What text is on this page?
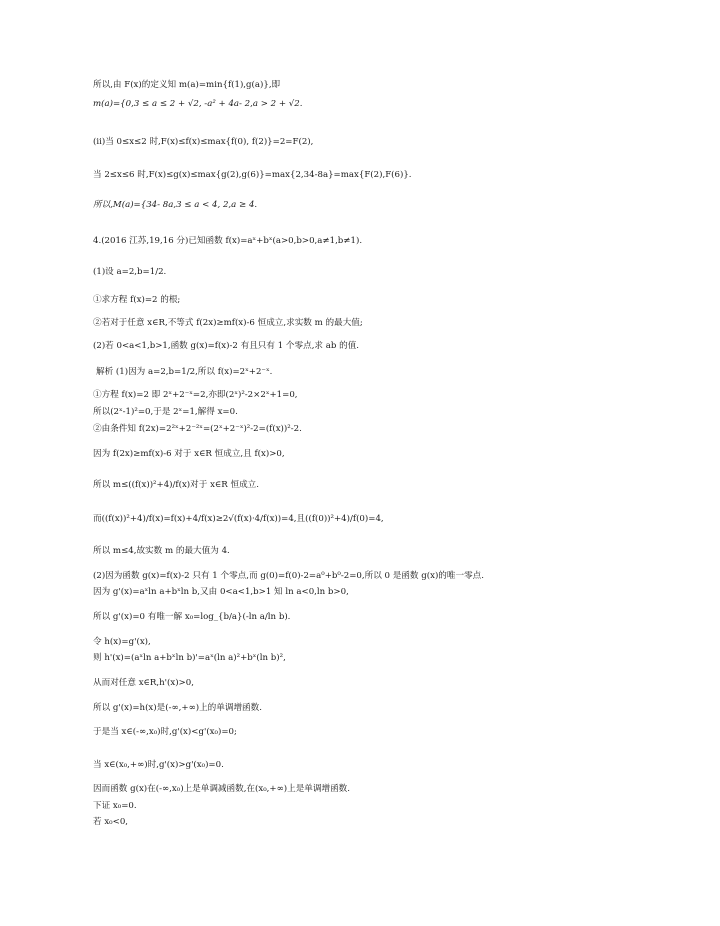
所以,由 F(x)的定义知 m(a)=min{f(1),g(a)},即
m(a)={0,3 ≤ a ≤ 2 + √2, -a² + 4a- 2,a > 2 + √2.
(ii)当 0≤x≤2 时,F(x)≤f(x)≤max{f(0), f(2)}=2=F(2),
当 2≤x≤6 时,F(x)≤g(x)≤max{g(2),g(6)}=max{2,34-8a}=max{F(2),F(6)}.
所以,M(a)={34- 8a,3 ≤ a < 4, 2,a ≥ 4.
4.(2016 江苏,19,16 分)已知函数 f(x)=aˣ+bˣ(a>0,b>0,a≠1,b≠1).
(1)设 a=2,b=1/2.
①求方程 f(x)=2 的根;
②若对于任意 x∈R,不等式 f(2x)≥mf(x)-6 恒成立,求实数 m 的最大值;
(2)若 0<a<1,b>1,函数 g(x)=f(x)-2 有且只有 1 个零点,求 ab 的值.
解析 (1)因为 a=2,b=1/2,所以 f(x)=2ˣ+2⁻ˣ.
①方程 f(x)=2 即 2ˣ+2⁻ˣ=2,亦即(2ˣ)²-2×2ˣ+1=0,
所以(2ˣ-1)²=0,于是 2ˣ=1,解得 x=0.
②由条件知 f(2x)=2²ˣ+2⁻²ˣ=(2ˣ+2⁻ˣ)²-2=(f(x))²-2.
因为 f(2x)≥mf(x)-6 对于 x∈R 恒成立,且 f(x)>0,
所以 m≤((f(x))²+4)/f(x)对于 x∈R 恒成立.
而((f(x))²+4)/f(x)=f(x)+4/f(x)≥2√(f(x)·4/f(x))=4,且((f(0))²+4)/f(0)=4,
所以 m≤4,故实数 m 的最大值为 4.
(2)因为函数 g(x)=f(x)-2 只有 1 个零点,而 g(0)=f(0)-2=a⁰+b⁰-2=0,所以 0 是函数 g(x)的唯一零点.
因为 g'(x)=aˣln a+bˣln b,又由 0<a<1,b>1 知 ln a<0,ln b>0,
所以 g'(x)=0 有唯一解 x₀=log_{b/a}(-ln a/ln b).
令 h(x)=g'(x),
则 h'(x)=(aˣln a+bˣln b)'=aˣ(ln a)²+bˣ(ln b)²,
从而对任意 x∈R,h'(x)>0,
所以 g'(x)=h(x)是(-∞,+∞)上的单调增函数.
于是当 x∈(-∞,x₀)时,g'(x)<g'(x₀)=0;
当 x∈(x₀,+∞)时,g'(x)>g'(x₀)=0.
因而函数 g(x)在(-∞,x₀)上是单调减函数,在(x₀,+∞)上是单调增函数.
下证 x₀=0.
若 x₀<0,
